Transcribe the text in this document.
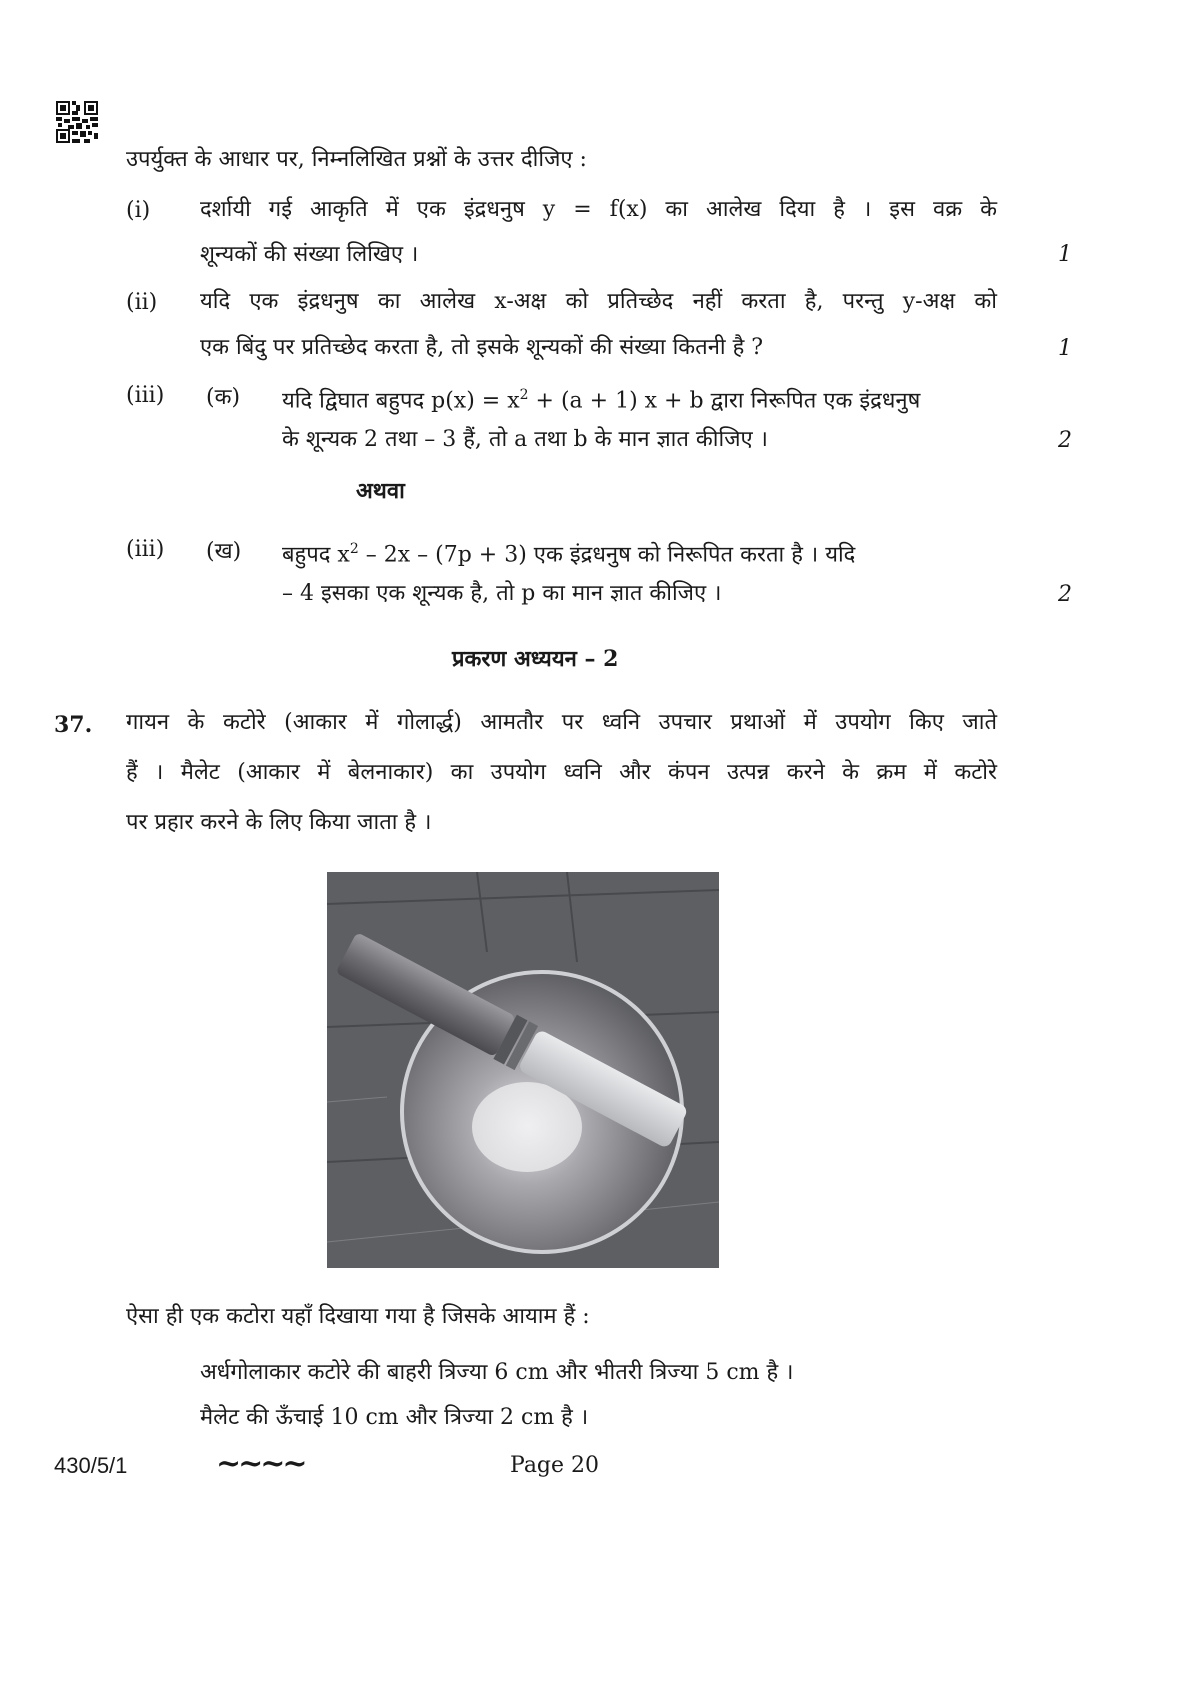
उपर्युक्त के आधार पर, निम्नलिखित प्रश्नों के उत्तर दीजिए :
(i) दर्शायी गई आकृति में एक इंद्रधनुष y = f(x) का आलेख दिया है । इस वक्र के
शून्यकों की संख्या लिखिए ।	1
(ii) यदि एक इंद्रधनुष का आलेख x-अक्ष को प्रतिच्छेद नहीं करता है, परन्तु y-अक्ष को
एक बिंदु पर प्रतिच्छेद करता है, तो इसके शून्यकों की संख्या कितनी है ?	1
(iii) (क) यदि द्विघात बहुपद $p(x) = x^2 + (a + 1) x + b$ द्वारा निरूपित एक इंद्रधनुष
के शून्यक 2 तथा – 3 हैं, तो a तथा b के मान ज्ञात कीजिए ।	2
अथवा
(iii) (ख) बहुपद $x^2 - 2x - (7p + 3)$ एक इंद्रधनुष को निरूपित करता है । यदि
– 4 इसका एक शून्यक है, तो p का मान ज्ञात कीजिए ।	2
प्रकरण अध्ययन – 2
37. गायन के कटोरे (आकार में गोलार्द्ध) आमतौर पर ध्वनि उपचार प्रथाओं में उपयोग किए जाते
हैं । मैलेट (आकार में बेलनाकार) का उपयोग ध्वनि और कंपन उत्पन्न करने के क्रम में कटोरे
पर प्रहार करने के लिए किया जाता है ।
ऐसा ही एक कटोरा यहाँ दिखाया गया है जिसके आयाम हैं :
अर्धगोलाकार कटोरे की बाहरी त्रिज्या 6 cm और भीतरी त्रिज्या 5 cm है ।
मैलेट की ऊँचाई 10 cm और त्रिज्या 2 cm है ।
430/5/1	~~~~	Page 20
